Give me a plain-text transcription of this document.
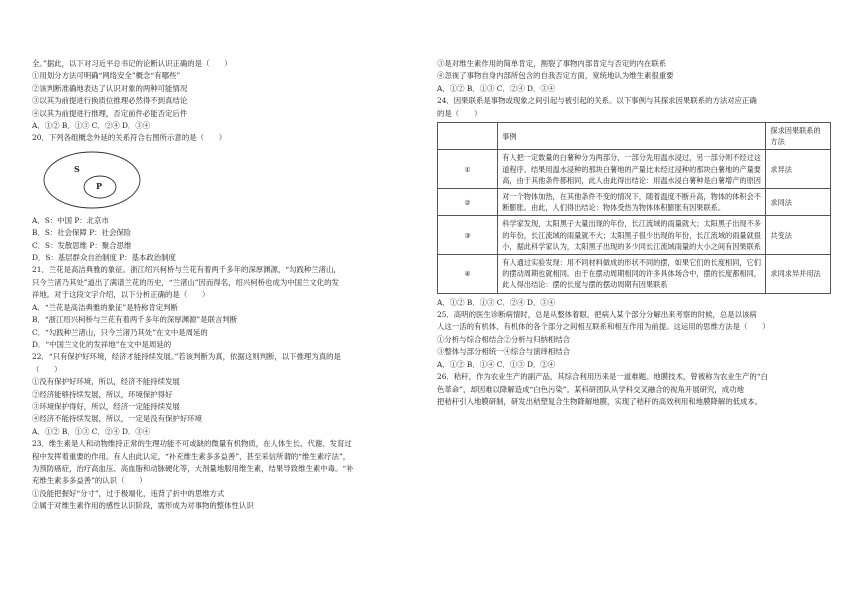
全。”据此，以下对习近平总书记的论断认识正确的是（　　）
①用划分方法可明确“网络安全”概念“有哪些”
②该判断准确地表达了认识对象的两种可能情况
③以其为前提进行换质位推理必然得不到真结论
④以其为前提进行推理，否定前件必能否定后件
A．①② B．①③ C．②④ D．③④
20．下列各组概念外延的关系符合右图所示意的是（　　）
S
P
A．S：中国 P：北京市
B．S：社会保障 P：社会保险
C．S：发散思维 P：聚合思维
D．S：基层群众自治制度 P：基本政治制度
21．兰花是高洁典雅的象征。浙江绍兴柯桥与兰花有着两千多年的深厚渊源，“勾践种兰渚山，
只今兰渚乃其处”道出了满谱兰花的历史，“兰渚山”因而得名，绍兴柯桥也成为中国兰文化的发
祥地。对于这段文字介绍，以下分析正确的是（　　）
A．“兰花是高洁典雅的象征”是特称肯定判断
B．“浙江绍兴柯桥与兰花有着两千多年的深厚渊源”是联言判断
C．“勾践种兰渚山，只今兰渚乃其处”在文中是周延的
D．“中国兰文化的发祥地”在文中是周延的
22．“只有保护好环境，经济才能持续发展。”若该判断为真，依据这则判断，以下推理为真的是
（　　）
①没有保护好环境，所以，经济不能持续发展
②经济能够持续发展，所以，环境保护得好
③环境保护得好，所以，经济一定能持续发展
④经济不能持续发展，所以，一定是没有保护好环境
A．①② B．①③ C．②④ D．③④
23．维生素是人和动物维持正常的生理功能不可或缺的微量有机物质，在人体生长、代谢、发育过
程中发挥着重要的作用。有人由此认定，“补充维生素多多益善”，甚至采信所谓的“维生素疗法”，
为预防癌症，治疗高血压、高血脂和动脉硬化等，大剂量地服用维生素，结果导致维生素中毒。“补
充维生素多多益善”的认识（　　）
①没能把握好“分寸”，过于极端化，违背了折中的思维方式
②属于对维生素作用的感性认识阶段，需形成为对事物的整体性认识
③是对维生素作用的简单肯定，割裂了事物内部肯定与否定的内在联系
④忽视了事物自身内部所包含的自我否定方面，宽统地认为维生素很重要
A．①② B．①③ C．②④ D．③④
24．因果联系是事物或现象之间引起与被引起的关系。以下事例与其探求因果联系的方法对应正确
的是（　　）
	事例	探求因果联系的方法
①	有人把一定数量的白薯种分为两部分，一部分先用温水浸过，另一部分则不经过这道程序。结果用温水浸种的那块白薯地的产量比未经过浸种的那块白薯地的产量要高，由于其他条件都相同，此人由此得出结论：用温水浸白薯种是白薯增产的原因	求异法
②	对一个物体加热，在其他条件不变的情况下，随着温度不断升高，物体的体积会不断膨胀。由此，人们得出结论：物体受热为物体体积膨胀有因果联系。	求同法
③	科学家发现，太阳黑子大量出现的年份，长江流域的雨量就大；太阳黑子出现不多的年份，长江流域的雨量就不大；太阳黑子很少出现的年份，长江流域的雨量就很小，据此科学家认为，太阳黑子出现的多少同长江流域雨量的大小之间有因果联系	共变法
④	有人通过实验发现：用不同材料做成的形状不同的摆，如果它们的长度相同，它们的摆动周期也就相同。由于在摆动周期相同的许多具体场合中，摆的长度都相同，此人得出结论：摆的长度与摆的摆动周期有因果联系	求同求异并用法
A．①② B．①③ C．②④ D．③④
25．高明的医生诊断病情时，总是从整体着眼，把病人某个部分分解出来考察的时候，总是以该病
人这一活的有机体、有机体的各个部分之间相互联系和相互作用为前提。这运用的思维方法是（　　）
①分析与综合相结合②分析与归纳相结合
③整体与部分相统一④综合与演绎相结合
A．①② B．①④ C．①③ D．②④
26．秸秆，作为农业生产的副产品，其综合利用历来是一道难题。地膜技术，曾被称为农业生产的“白
色革命”，却因难以降解造成“白色污染”。某科研团队从学科交叉融合的视角开展研究，成功地
把秸秆引入地膜研制，研发出秸塑复合生物降解地膜，实现了秸秆的高效利用和地膜降解的低成本。
